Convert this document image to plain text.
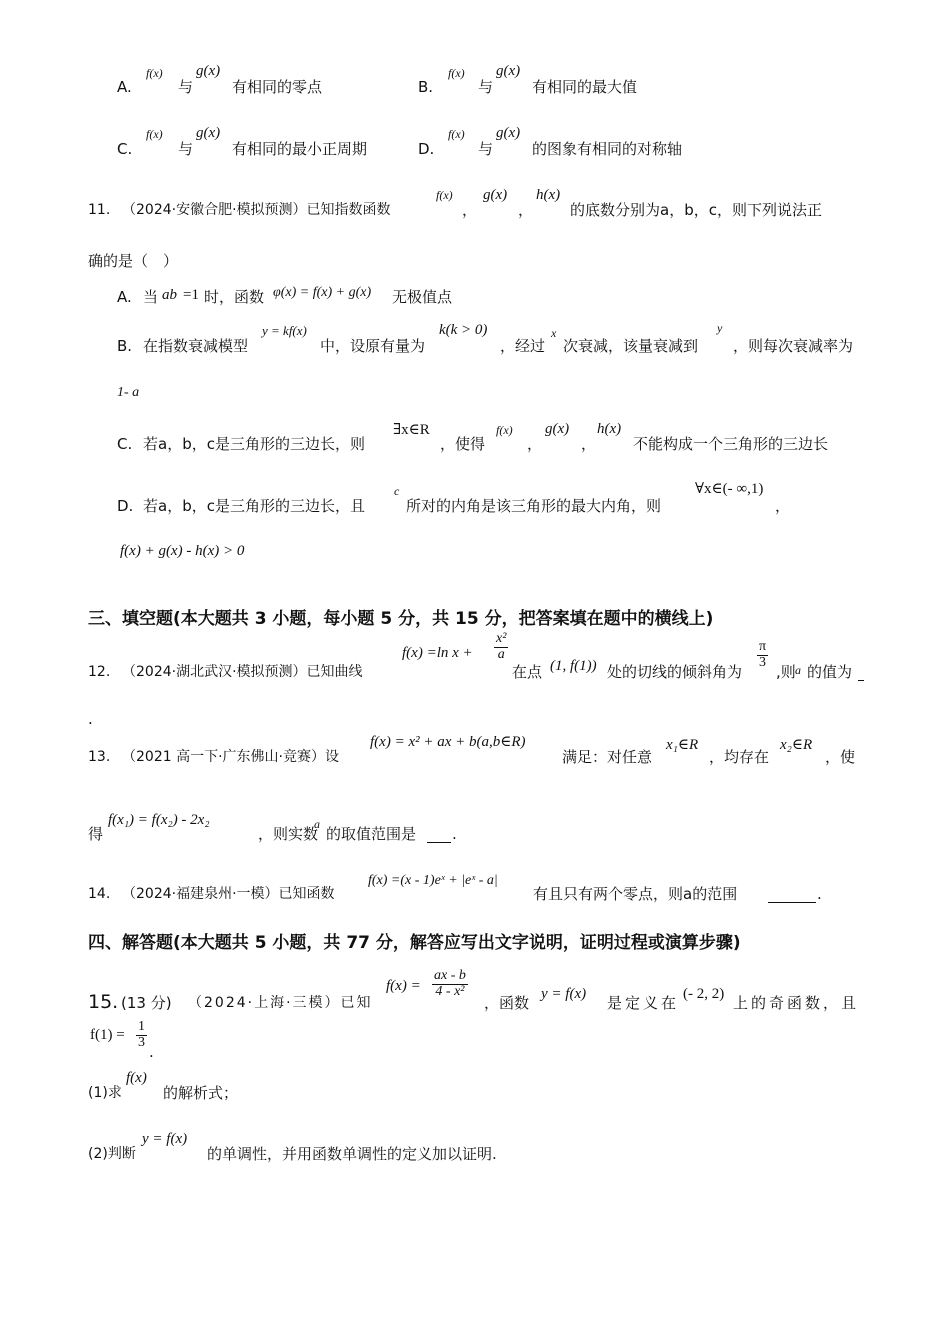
A.
f(x)
与
g(x)
有相同的零点	B.
f(x)
与
g(x)
有相同的最大值
C.
f(x)
与
g(x)
有相同的最小正周期	D.
f(x)
与
g(x)
的图象有相同的对称轴
11. （2024·安徽合肥·模拟预测）已知指数函数
f(x)
，
g(x)
，
h(x)
的底数分别为a，b，c，则下列说法正
确的是（　）
A. 当 ab =1 时，函数 φ(x) = f(x) + g(x) 无极值点
B. 在指数衰减模型
y = kf(x)
中，设原有量为
k(k > 0)
，经过
x
次衰减，该量衰减到
y
，则每次衰减率为
1- a
C. 若a，b，c是三角形的三边长，则
∃x∈R
，使得
f(x)
，
g(x)
，
h(x)
不能构成一个三角形的三边长
D. 若a，b，c是三角形的三边长，且
c
所对的内角是该三角形的最大内角，则
∀x∈(- ∞,1)
，
f(x) + g(x) - h(x) > 0
三、填空题(本大题共 3 小题，每小题 5 分，共 15 分，把答案填在题中的横线上)
12. （2024·湖北武汉·模拟预测）已知曲线
f(x) =ln $x + \frac{\text{x²}}{a}$
在点 (1, f(1)) 处的切线的倾斜角为
$\frac{\pi}{3}$
,则 a 的值为
.
13. （2021 高一下·广东佛山·竞赛）设
f(x) = x² + ax + b(a,b∈R)
满足：对任意
x₁∈R
，均存在
x₂∈R
，使
得
f(x₁) = f(x₂) - 2x₂
，则实数
a
的取值范围是 .
14. （2024·福建泉州·一模）已知函数
f(x) =(x - 1)eˣ + |eˣ - a|
有且只有两个零点，则a的范围	.
四、解答题(本大题共 5 小题，共 77 分，解答应写出文字说明，证明过程或演算步骤)
15. (13 分) （2024·上海·三模）已知
$f(x) = \frac{ax - b}{\text{4 - x²}}$
，函数 y = f(x) 是定义在 (- 2, 2) 上的奇函数，且
$f(1) = \frac{1}{3}$
.
(1)求
f(x)
的解析式；
(2)判断
y = f(x)
的单调性，并用函数单调性的定义加以证明.
